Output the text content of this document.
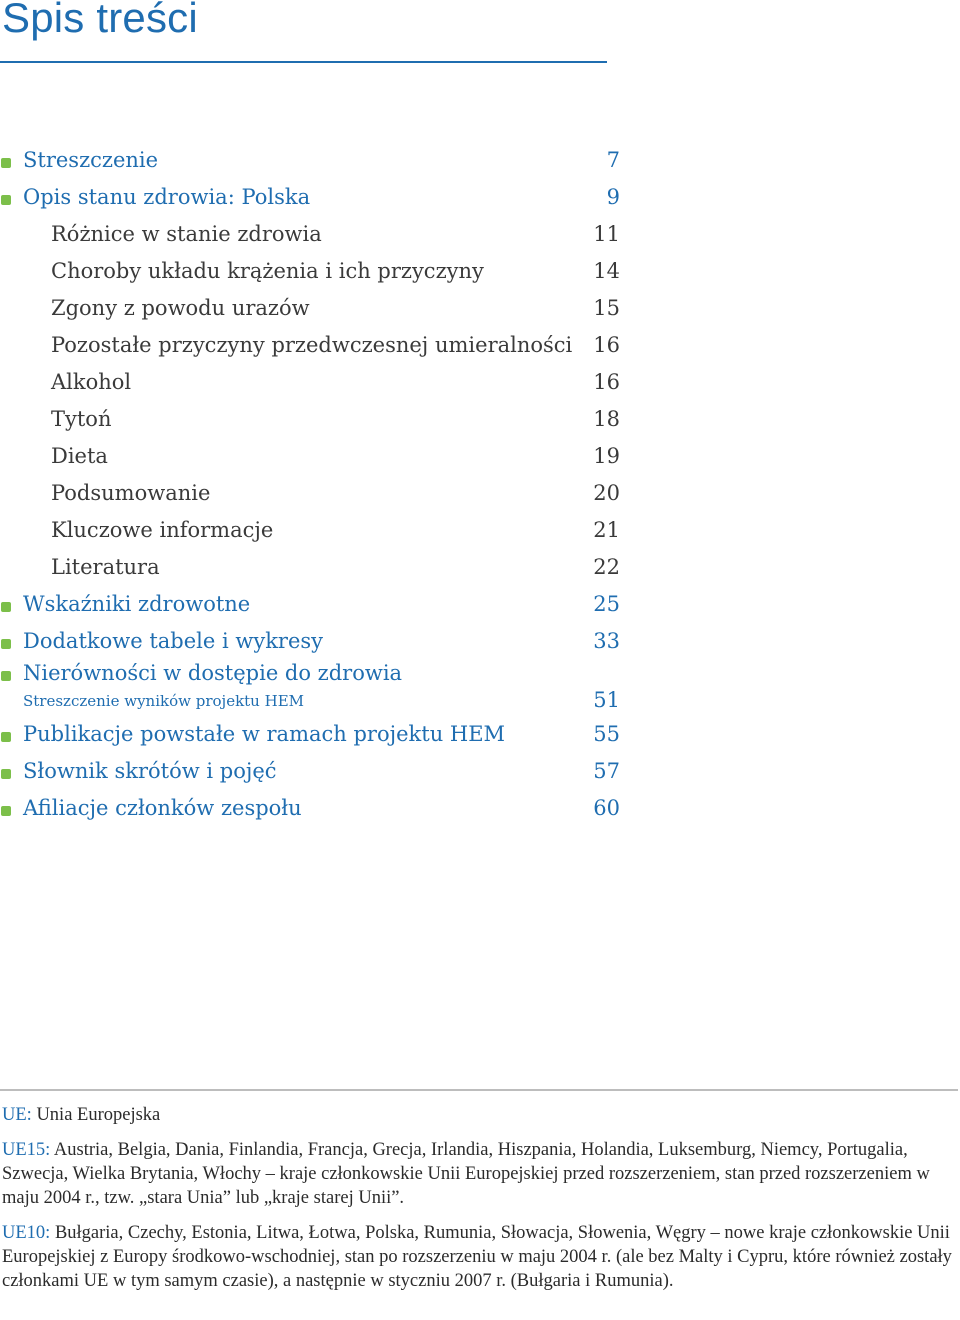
Spis treści
Streszczenie	7
Opis stanu zdrowia: Polska	9
Różnice w stanie zdrowia	11
Choroby układu krążenia i ich przyczyny	14
Zgony z powodu urazów	15
Pozostałe przyczyny przedwczesnej umieralności 16
Alkohol	16
Tytoń	18
Dieta	19
Podsumowanie	20
Kluczowe informacje	21
Literatura	22
Wskaźniki zdrowotne	25
Dodatkowe tabele i wykresy	33
Nierówności w dostępie do zdrowia
Streszczenie wyników projektu HEM	51
Publikacje powstałe w ramach projektu HEM	55
Słownik skrótów i pojęć	57
Afiliacje członków zespołu	60

UE: Unia Europejska

UE15: Austria, Belgia, Dania, Finlandia, Francja, Grecja, Irlandia, Hiszpania, Holandia, Luksemburg, Niemcy, Portugalia, Szwecja, Wielka Brytania, Włochy – kraje członkowskie Unii Europejskiej przed rozszerzeniem, stan przed rozszerzeniem w maju 2004 r., tzw. „stara Unia” lub „kraje starej Unii”.

UE10: Bułgaria, Czechy, Estonia, Litwa, Łotwa, Polska, Rumunia, Słowacja, Słowenia, Węgry – nowe kraje członkowskie Unii Europejskiej z Europy środkowo-wschodniej, stan po rozszerzeniu w maju 2004 r. (ale bez Malty i Cypru, które również zostały członkami UE w tym samym czasie), a następnie w styczniu 2007 r. (Bułgaria i Rumunia).
